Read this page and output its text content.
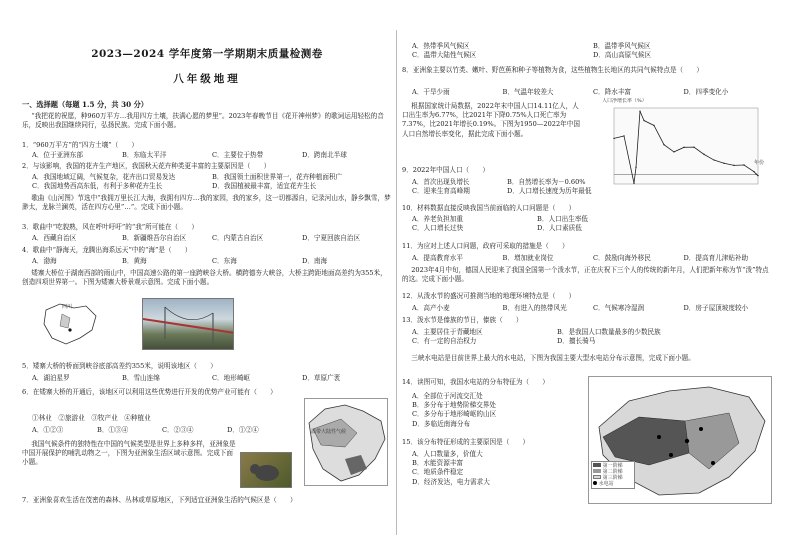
2023—2024 学年度第一学期期末质量检测卷
八年级地理
一、选择题（每题 1.5 分，共 30 分）
“我把花的祝愿，种960万平方…我用四方土壤，扶满心愿的梦里”。2023年春晚节目《花开神州梦》的歌词运用轻松的音乐，反映出我国继续同行，弘扬民族。完成下面小题。
1．“960万平方”的“四方土壤”（　　）
A．位于亚洲东部	B．东临太平洋	C．主要位于热带	D．跨南北半球
2．与该影响，我国的花卉生产地区，我国秋天花卉种类更丰富的主要原因是（　　）
A．我国地域辽阔，气候复杂，花卉出口贸易发达	B．我国领土面积世界第一，花卉种植面积广
C．我国地势西高东低，有利于多种花卉生长	D．我国植被最丰富，适宜花卉生长
歌曲《山河图》节选中“我拥万里长江大海，我拥有四方…我的家园，我的家乡，这一切都源自，记录河山水，静乡飘雪，梦渺太，龙脉兰澜英，活在四方心里”…”。完成下面小题。
3．歌曲中“吃貌熟，风在呼叶吁吁”的“我”所可能在（　　）
A．西藏自治区	B．新疆维吾尔自治区	C．内蒙古自治区	D．宁夏回族自治区
4．歌曲中“静海天，龙腾出海系远天”中的“海”是（　　）
A．渤海	B．黄海	C．东海	D．南海
矮寨大桥位于湖南西部的雨山中，中国高速公路的第一座跨峡谷大桥。横跨德夯大峡谷，大桥主跨距地面高差约为355米，创造四项世界第一。下图为矮寨大桥景观示意图。完成下面小题。
四川
5．矮寨大桥的桥面到峡谷底部高差约355米，说明该地区（　　）
A．湖泊星罗	B．雪山连绵	C．地形崎岖	D．草原广袤
6．在矮寨大桥的开通后，该地区可以利用这些优势进行开发的优势产业可能有（　　）
①林业　②旅游业　③牧产业　④种植业
A．①②③	B．①③④	C．②③④	D．①②④
我国气候条件的独特性在中国的气候类型是世界上多种多样，亚洲象是中国开展保护的哺乳动物之一，下图为亚洲象生活区域示意图。完成下面小题。
温带大陆性气候
7．亚洲象喜欢生活在茂密的森林、丛林或草原地区，下列适宜亚洲象生活的气候区是（　　）
A．热带季风气候区	B．温带季风气候区
C．温带大陆性气候区	D．高山高原气候区
8．亚洲象主要以竹类、嫩叶、野芭蕉和种子等植物为食，这些植物生长地区的共同气候特点是（　　）
A．干旱少雨	B．气温年较差大	C．降水丰富	D．四季变化小
根据国家统计局数据，2022年末中国人口14.11亿人，人口出生率为6.77%，比2021年下降0.75%人口死亡率为7.37%，比2021年增长0.19%。下图为1950—2022年中国人口自然增长率变化，据此完成下面小题。
人口净增长率（%）
年份
9．2022年中国人口（　　）
A．首次出现负增长	B．自然增长率为－0.60%
C．迎来生育高峰期	D．人口增长速度为历年最低
10．材料数据直接反映我国当前面临的人口问题是（　　）
A．养老负担加重	B．人口出生率低
C．人口增长过快	D．人口素质低
11．为应对上述人口问题，政府可采取的措施是（　　）
A．提高教育水平	B．增加就业岗位	C．鼓励向海外移民	D．提高育儿津贴补助
2023年4月中旬，德国人民迎来了我国全国第一个泼水节，正在庆祝下三个人的传统的新年月，人们把新年称为节“泼”特点的这。完成下面小题。
12．从泼水节的盛况可推测当地的地理环境特点是（　　）
A．高产小麦	B．有进入的热带风光	C．气候寒冷湿润	D．房子屋顶坡度较小
13．泼水节是傣族的节日，傣族（　　）
A．主要居住于青藏地区	B．是我国人口数量最多的少数民族
C．有一定的自治权力	D．擅长骑马
三峡水电站是目前世界上最大的水电站，下图为我国主要大型水电站分布示意图，完成下面小题。
14．读图可知，我国水电站的分布特征为（　　）
A．全部位于河流交汇处
B．多分布于地势阶梯交界处
C．多分布于地形崎岖的山区
D．多临近南海分布
15．该分布特征形成的主要原因是（　　）
A．人口数量多，价值大
B．水能资源丰富
C．地质条件稳定
D．经济发达，电力需求大
第一阶梯
第二阶梯
第三阶梯
水电站
